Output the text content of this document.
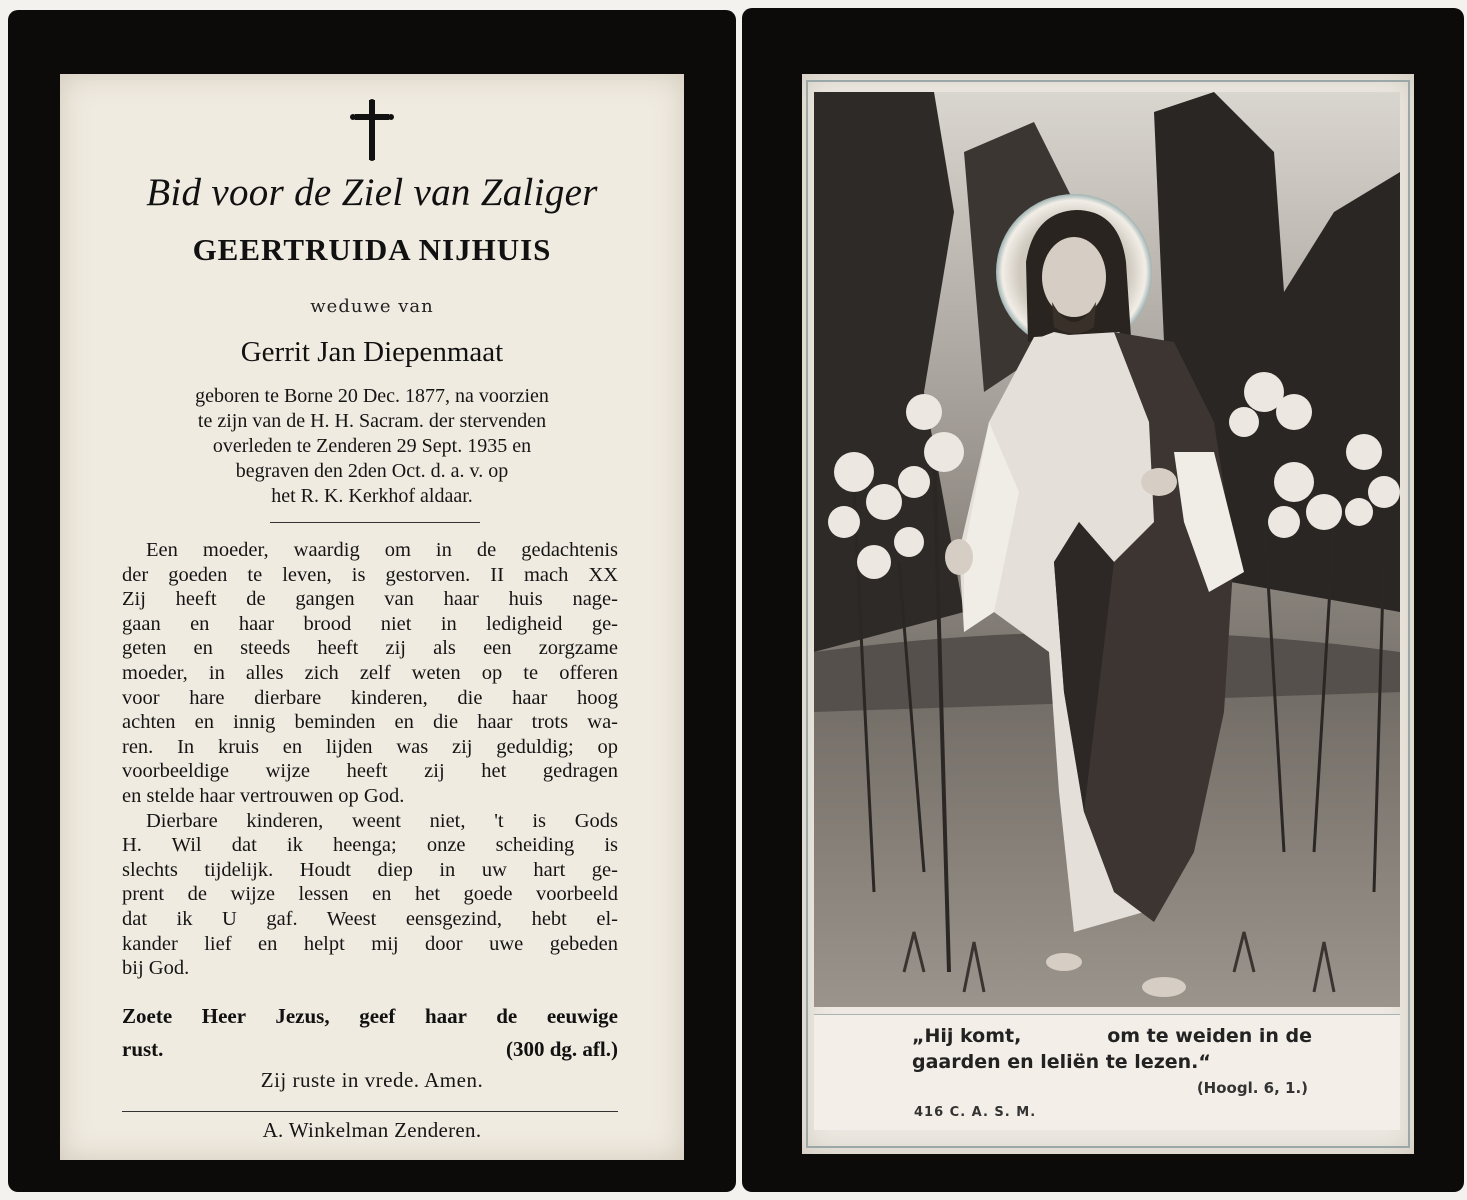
Bid voor de Ziel van Zaliger
GEERTRUIDA NIJHUIS
weduwe van
Gerrit Jan Diepenmaat
geboren te Borne 20 Dec. 1877, na voorzien
te zijn van de H. H. Sacram. der stervenden
overleden te Zenderen 29 Sept. 1935 en
begraven den 2den Oct. d. a. v. op
het R. K. Kerkhof aldaar.
Een moeder, waardig om in de gedachtenis
der goeden te leven, is gestorven. II mach XX
Zij heeft de gangen van haar huis nage-
gaan en haar brood niet in ledigheid ge-
geten en steeds heeft zij als een zorgzame
moeder, in alles zich zelf weten op te offeren
voor hare dierbare kinderen, die haar hoog
achten en innig beminden en die haar trots wa-
ren. In kruis en lijden was zij geduldig; op
voorbeeldige wijze heeft zij het gedragen
en stelde haar vertrouwen op God.
Dierbare kinderen, weent niet, 't is Gods
H. Wil dat ik heenga; onze scheiding is
slechts tijdelijk. Houdt diep in uw hart ge-
prent de wijze lessen en het goede voorbeeld
dat ik U gaf. Weest eensgezind, hebt el-
kander lief en helpt mij door uwe gebeden
bij God.
Zoete Heer Jezus, geef haar de eeuwige
rust.	(300 dg. afl.)
Zij ruste in vrede. Amen.
A. Winkelman Zenderen.
„Hij komt,	om te weiden in de
gaarden en leliën te lezen.“
(Hoogl. 6, 1.)
416 C. A. S. M.
